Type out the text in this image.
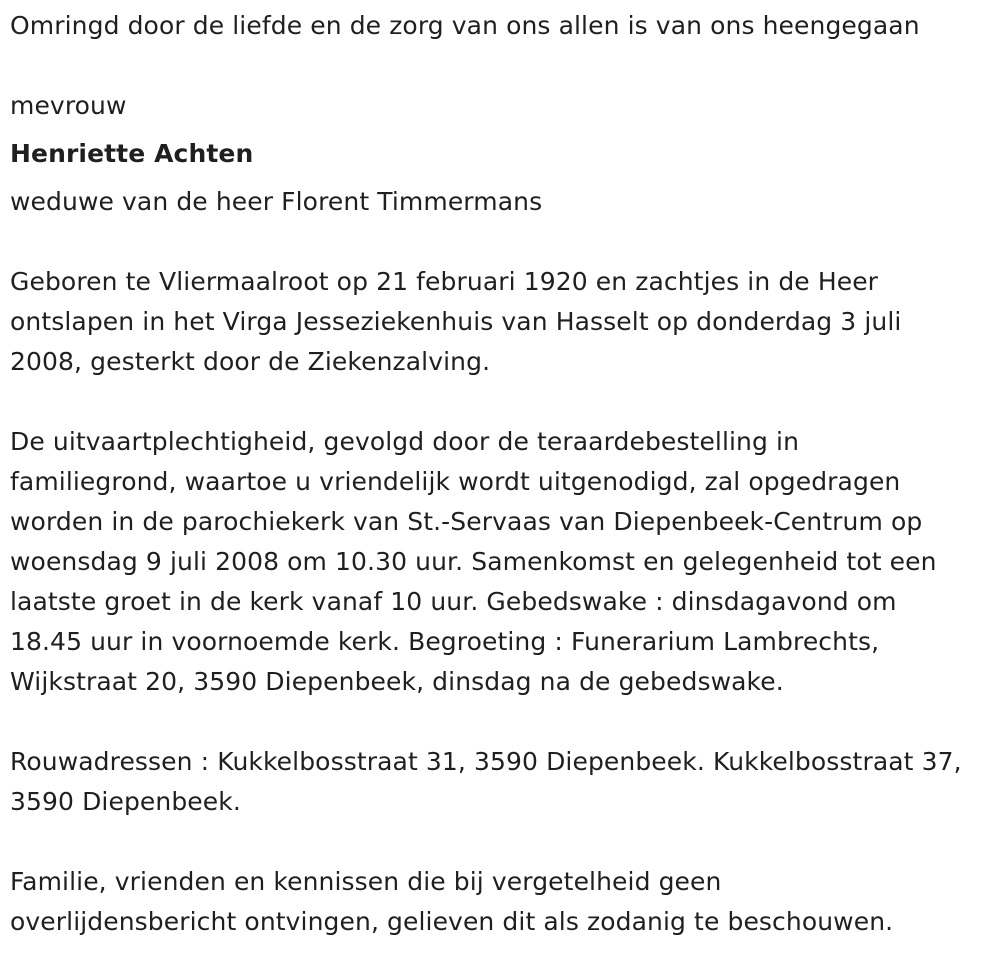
Omringd door de liefde en de zorg van ons allen is van ons heengegaan
mevrouw
Henriette Achten
weduwe van de heer Florent Timmermans
Geboren te Vliermaalroot op 21 februari 1920 en zachtjes in de Heer
ontslapen in het Virga Jesseziekenhuis van Hasselt op donderdag 3 juli
2008, gesterkt door de Ziekenzalving.
De uitvaartplechtigheid, gevolgd door de teraardebestelling in
familiegrond, waartoe u vriendelijk wordt uitgenodigd, zal opgedragen
worden in de parochiekerk van St.-Servaas van Diepenbeek-Centrum op
woensdag 9 juli 2008 om 10.30 uur. Samenkomst en gelegenheid tot een
laatste groet in de kerk vanaf 10 uur. Gebedswake : dinsdagavond om
18.45 uur in voornoemde kerk. Begroeting : Funerarium Lambrechts,
Wijkstraat 20, 3590 Diepenbeek, dinsdag na de gebedswake.
Rouwadressen : Kukkelbosstraat 31, 3590 Diepenbeek. Kukkelbosstraat 37,
3590 Diepenbeek.
Familie, vrienden en kennissen die bij vergetelheid geen
overlijdensbericht ontvingen, gelieven dit als zodanig te beschouwen.
